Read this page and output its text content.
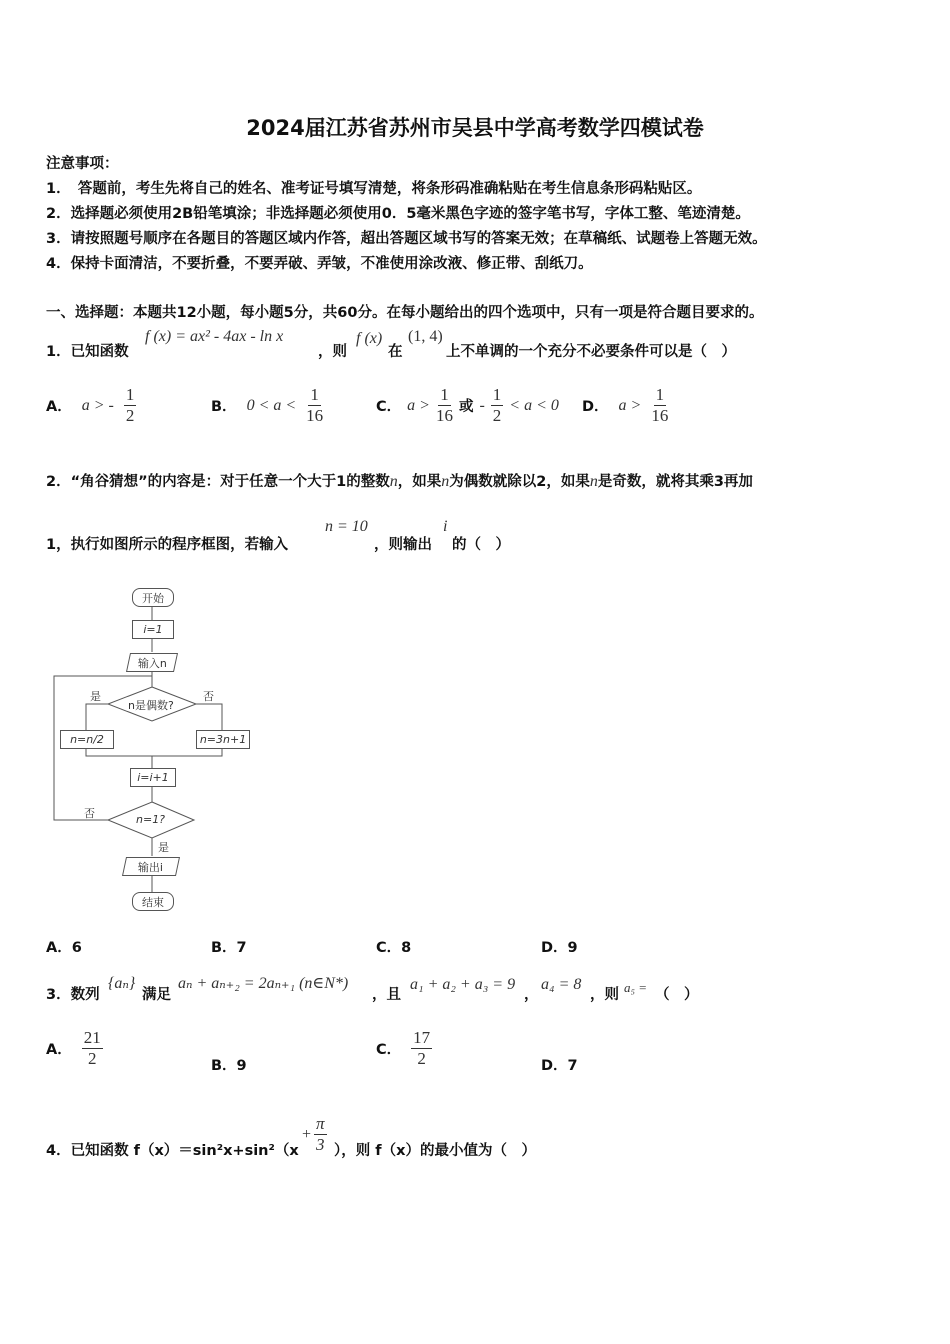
2024届江苏省苏州市吴县中学高考数学四模试卷
注意事项：
1．　答题前，考生先将自己的姓名、准考证号填写清楚，将条形码准确粘贴在考生信息条形码粘贴区。
2．选择题必须使用2B铅笔填涂；非选择题必须使用0．5毫米黑色字迹的签字笔书写，字体工整、笔迹清楚。
3．请按照题号顺序在各题目的答题区域内作答，超出答题区域书写的答案无效；在草稿纸、试题卷上答题无效。
4．保持卡面清洁，不要折叠，不要弄破、弄皱，不准使用涂改液、修正带、刮纸刀。
一、选择题：本题共12小题，每小题5分，共60分。在每小题给出的四个选项中，只有一项是符合题目要求的。
1．已知函数
f (x) = ax² - 4ax - ln x
，则
f (x)
在
(1, 4)
上不单调的一个充分不必要条件可以是（　）
A． a > - $\frac{1}{2}$	B． $0 < a < \frac{1}{16}$	C． $a > \frac{1}{16}$ 或 - $\frac{1}{2} < a < 0$ D． $a > \frac{1}{16}$
2．“角谷猜想”的内容是：对于任意一个大于1的整数n，如果n为偶数就除以2，如果n是奇数，就将其乘3再加
1，执行如图所示的程序框图，若输入
n = 10
，则输出
i
的（　）
开始
i=1
输入n
n是偶数?
是	否
n=n/2	n=3n+1
i=i+1
n=1?
否
是
输出i
结束
A．6	B．7	C．8	D．9
3．数列
{aₙ}
满足
aₙ + aₙ₊₂ = 2aₙ₊₁ (n∈N*)
，且
a₁ + a₂ + a₃ = 9
，
a₄ = 8
，则 a₅ = （　）
A． $\frac{21}{2}$	B．9
C． $\frac{17}{2}$	D．7
4．已知函数 f（x）＝sin²x+sin²（x
+ $\frac{\pi}{3}$ ），则 f（x）的最小值为（　）
